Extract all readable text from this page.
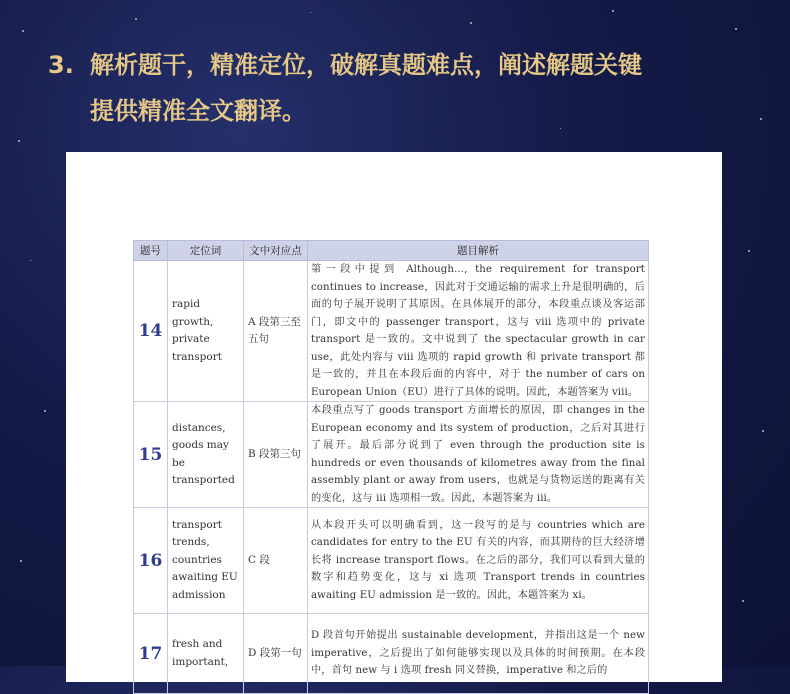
3. 解析题干，精准定位，破解真题难点，阐述解题关键
提供精准全文翻译。
题号	定位词	文中对应点	题目解析
14	rapid growth, private transport	A 段第三至五句	第一段中提到 Although..., the requirement for transport continues to increase，因此对于交通运输的需求上升是很明确的，后面的句子展开说明了其原因。在具体展开的部分，本段重点谈及客运部门，即文中的 passenger transport，这与 viii 选项中的 private transport 是一致的。文中说到了 the spectacular growth in car use，此处内容与 viii 选项的 rapid growth 和 private transport 都是一致的，并且在本段后面的内容中，对于 the number of cars on European Union（EU）进行了具体的说明。因此，本题答案为 viii。
15	distances, goods may be transported	B 段第三句	本段重点写了 goods transport 方面增长的原因，即 changes in the European economy and its system of production，之后对其进行了展开。最后部分说到了 even through the production site is hundreds or even thousands of kilometres away from the final assembly plant or away from users，也就是与货物运送的距离有关的变化，这与 iii 选项相一致。因此，本题答案为 iii。
16	transport trends, countries awaiting EU admission	C 段	从本段开头可以明确看到，这一段写的是与 countries which are candidates for entry to the EU 有关的内容，而其期待的巨大经济增长将 increase transport flows。在之后的部分，我们可以看到大量的数字和趋势变化，这与 xi 选项 Transport trends in countries awaiting EU admission 是一致的。因此，本题答案为 xi。
17	fresh and important,	D 段第一句	D 段首句开始提出 sustainable development，并指出这是一个 new imperative，之后提出了如何能够实现以及具体的时间预期。在本段中，首句 new 与 i 选项 fresh 同义替换，imperative 和之后的
